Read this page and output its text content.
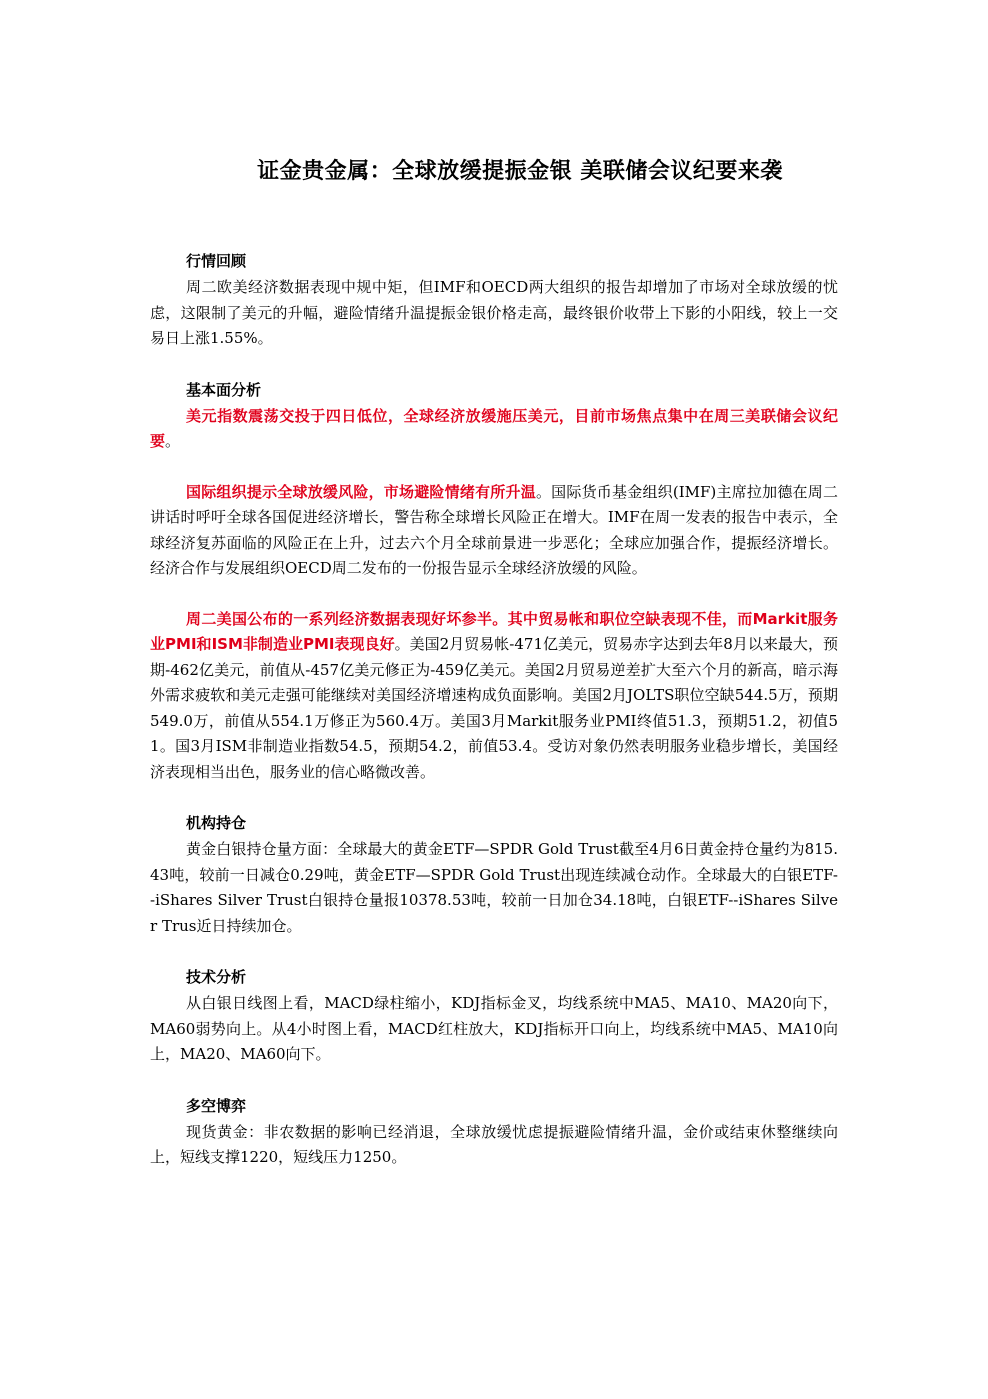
证金贵金属：全球放缓提振金银 美联储会议纪要来袭

行情回顾

周二欧美经济数据表现中规中矩，但IMF和OECD两大组织的报告却增加了市场对全球放缓的忧虑，这限制了美元的升幅，避险情绪升温提振金银价格走高，最终银价收带上下影的小阳线，较上一交易日上涨1.55%。

基本面分析

美元指数震荡交投于四日低位，全球经济放缓施压美元，目前市场焦点集中在周三美联储会议纪要。

国际组织提示全球放缓风险，市场避险情绪有所升温。国际货币基金组织(IMF)主席拉加德在周二讲话时呼吁全球各国促进经济增长，警告称全球增长风险正在增大。IMF在周一发表的报告中表示，全球经济复苏面临的风险正在上升，过去六个月全球前景进一步恶化；全球应加强合作，提振经济增长。经济合作与发展组织OECD周二发布的一份报告显示全球经济放缓的风险。

周二美国公布的一系列经济数据表现好坏参半。其中贸易帐和职位空缺表现不佳，而Markit服务业PMI和ISM非制造业PMI表现良好。美国2月贸易帐-471亿美元，贸易赤字达到去年8月以来最大，预期-462亿美元，前值从-457亿美元修正为-459亿美元。美国2月贸易逆差扩大至六个月的新高，暗示海外需求疲软和美元走强可能继续对美国经济增速构成负面影响。美国2月JOLTS职位空缺544.5万，预期549.0万，前值从554.1万修正为560.4万。美国3月Markit服务业PMI终值51.3，预期51.2，初值51。国3月ISM非制造业指数54.5，预期54.2，前值53.4。受访对象仍然表明服务业稳步增长，美国经济表现相当出色，服务业的信心略微改善。

机构持仓

黄金白银持仓量方面：全球最大的黄金ETF—SPDR Gold Trust截至4月6日黄金持仓量约为815.43吨，较前一日减仓0.29吨，黄金ETF—SPDR Gold Trust出现连续减仓动作。全球最大的白银ETF--iShares Silver Trust白银持仓量报10378.53吨，较前一日加仓34.18吨，白银ETF--iShares Silver Trus近日持续加仓。

技术分析

从白银日线图上看，MACD绿柱缩小，KDJ指标金叉，均线系统中MA5、MA10、MA20向下，MA60弱势向上。从4小时图上看，MACD红柱放大，KDJ指标开口向上，均线系统中MA5、MA10向上，MA20、MA60向下。

多空博弈

现货黄金：非农数据的影响已经消退，全球放缓忧虑提振避险情绪升温，金价或结束休整继续向上，短线支撑1220，短线压力1250。
